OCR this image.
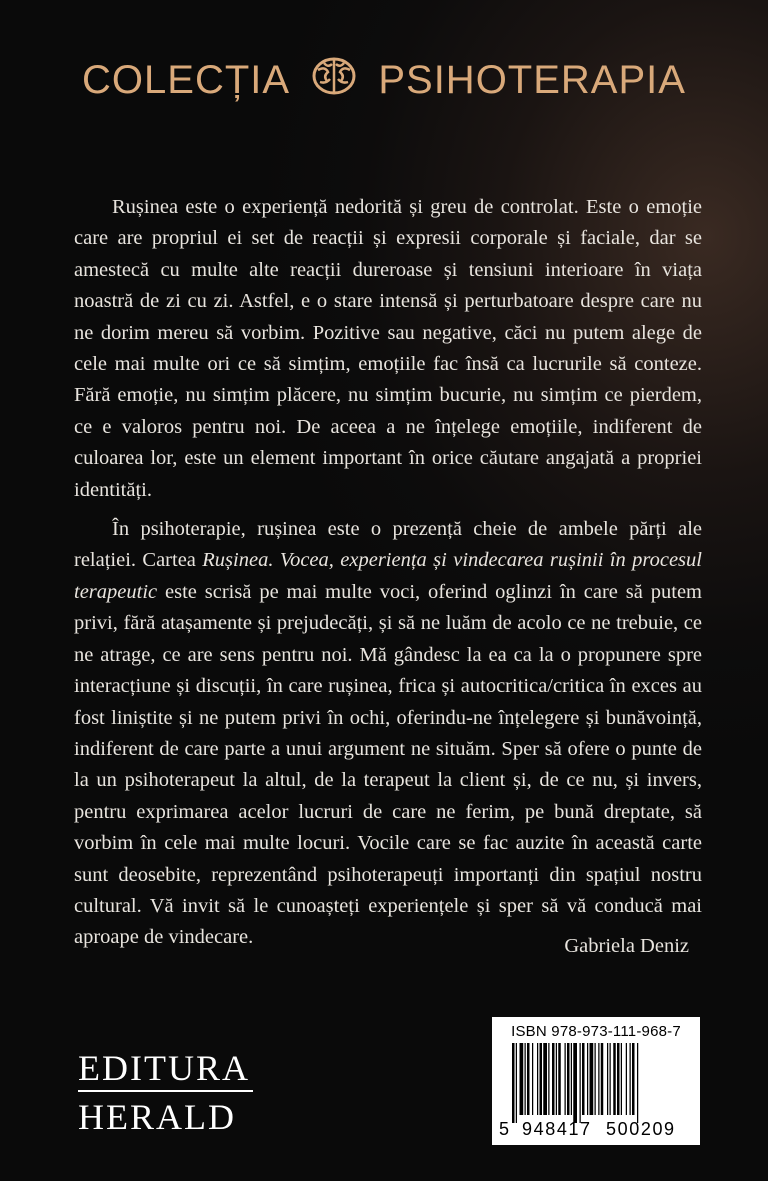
COLECȚIA PSIHOTERAPIA

Rușinea este o experiență nedorită și greu de controlat. Este o emoție care are propriul ei set de reacții și expresii corporale și faciale, dar se amestecă cu multe alte reacții dureroase și tensiuni interioare în viața noastră de zi cu zi. Astfel, e o stare intensă și perturbatoare despre care nu ne dorim mereu să vorbim. Pozitive sau negative, căci nu putem alege de cele mai multe ori ce să simțim, emoțiile fac însă ca lucrurile să conteze. Fără emoție, nu simțim plăcere, nu simțim bucurie, nu simțim ce pierdem, ce e valoros pentru noi. De aceea a ne înțelege emoțiile, indiferent de culoarea lor, este un element important în orice căutare angajată a propriei identități.

În psihoterapie, rușinea este o prezență cheie de ambele părți ale relației. Cartea Rușinea. Vocea, experiența și vindecarea rușinii în procesul terapeutic este scrisă pe mai multe voci, oferind oglinzi în care să putem privi, fără atașamente și prejudecăți, și să ne luăm de acolo ce ne trebuie, ce ne atrage, ce are sens pentru noi. Mă gândesc la ea ca la o propunere spre interacțiune și discuții, în care rușinea, frica și autocritica/critica în exces au fost liniștite și ne putem privi în ochi, oferindu-ne înțelegere și bunăvoință, indiferent de care parte a unui argument ne situăm. Sper să ofere o punte de la un psihoterapeut la altul, de la terapeut la client și, de ce nu, și invers, pentru exprimarea acelor lucruri de care ne ferim, pe bună dreptate, să vorbim în cele mai multe locuri. Vocile care se fac auzite în această carte sunt deosebite, reprezentând psihoterapeuți importanți din spațiul nostru cultural. Vă invit să le cunoașteți experiențele și sper să vă conducă mai aproape de vindecare.	Gabriela Deniz
EDITURA
HERALD
ISBN 978-973-111-968-7
5 948417 500209
